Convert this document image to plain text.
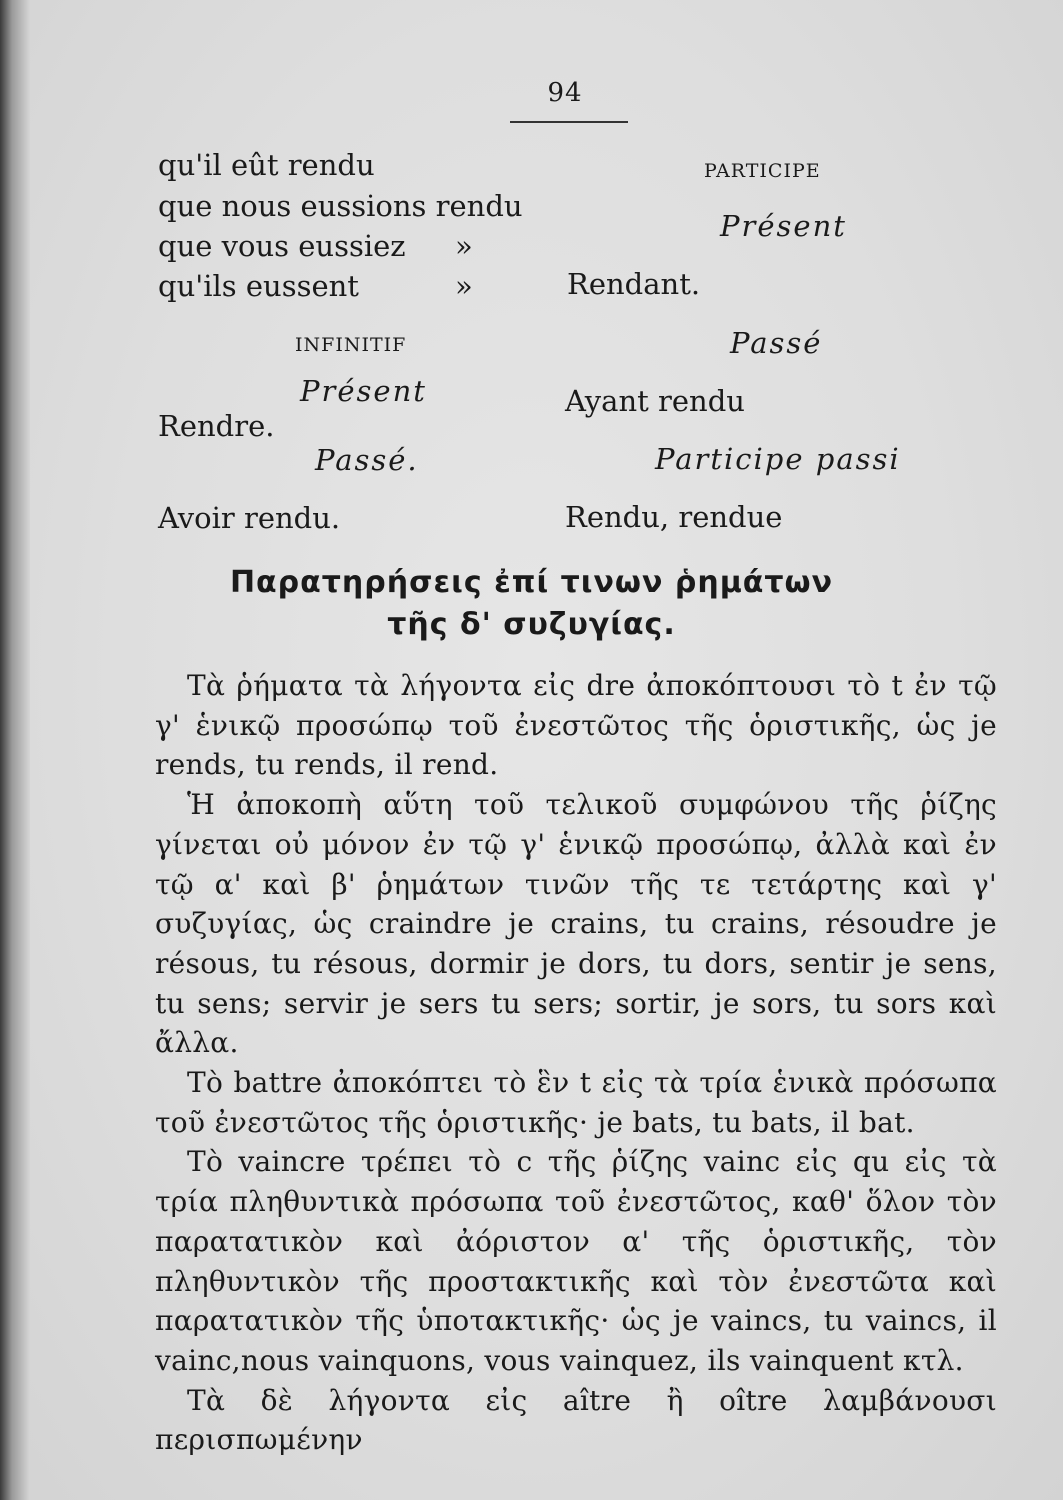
94
qu'il eût rendu
que nous eussions rendu
que vous eussiez »
qu'ils eussent	»
INFINITIF
Présent
Rendre.
Passé.
Avoir rendu.
PARTICIPE
Présent
Rendant.
Passé
Ayant rendu
Participe passi
Rendu, rendue
Παρατηρήσεις ἐπί τινων ῥημάτων
τῆς δ' συζυγίας.

Τὰ ῥήματα τὰ λήγοντα εἰς dre ἀποκόπτουσι τὸ t ἐν τῷ γ' ἑνικῷ προσώπῳ τοῦ ἐνεστῶτος τῆς ὁριστικῆς, ὡς je rends, tu rends, il rend.

Ἡ ἀποκοπὴ αὕτη τοῦ τελικοῦ συμφώνου τῆς ῥίζης γίνεται οὐ μόνον ἐν τῷ γ' ἑνικῷ προσώπῳ, ἀλλὰ καὶ ἐν τῷ α' καὶ β' ῥημάτων τινῶν τῆς τε τετάρτης καὶ γ' συζυγίας, ὡς craindre je crains, tu crains, résoudre je résous, tu résous, dormir je dors, tu dors, sentir je sens, tu sens; servir je sers tu sers; sortir, je sors, tu sors καὶ ἄλλα.

Τὸ battre ἀποκόπτει τὸ ἓν t εἰς τὰ τρία ἑνικὰ πρόσωπα τοῦ ἐνεστῶτος τῆς ὁριστικῆς· je bats, tu bats, il bat.

Τὸ vaincre τρέπει τὸ c τῆς ῥίζης vainc εἰς qu εἰς τὰ τρία πληθυντικὰ πρόσωπα τοῦ ἐνεστῶτος, καθ' ὅλον τὸν παρατατικὸν καὶ ἀόριστον α' τῆς ὁριστικῆς, τὸν πληθυντικὸν τῆς προστακτικῆς καὶ τὸν ἐνεστῶτα καὶ παρατατικὸν τῆς ὑποτακτικῆς· ὡς je vaincs, tu vaincs, il vainc,nous vainquons, vous vainquez, ils vainquent κτλ.

Τὰ δὲ λήγοντα εἰς aître ἢ oître λαμβάνουσι περισπωμένην
